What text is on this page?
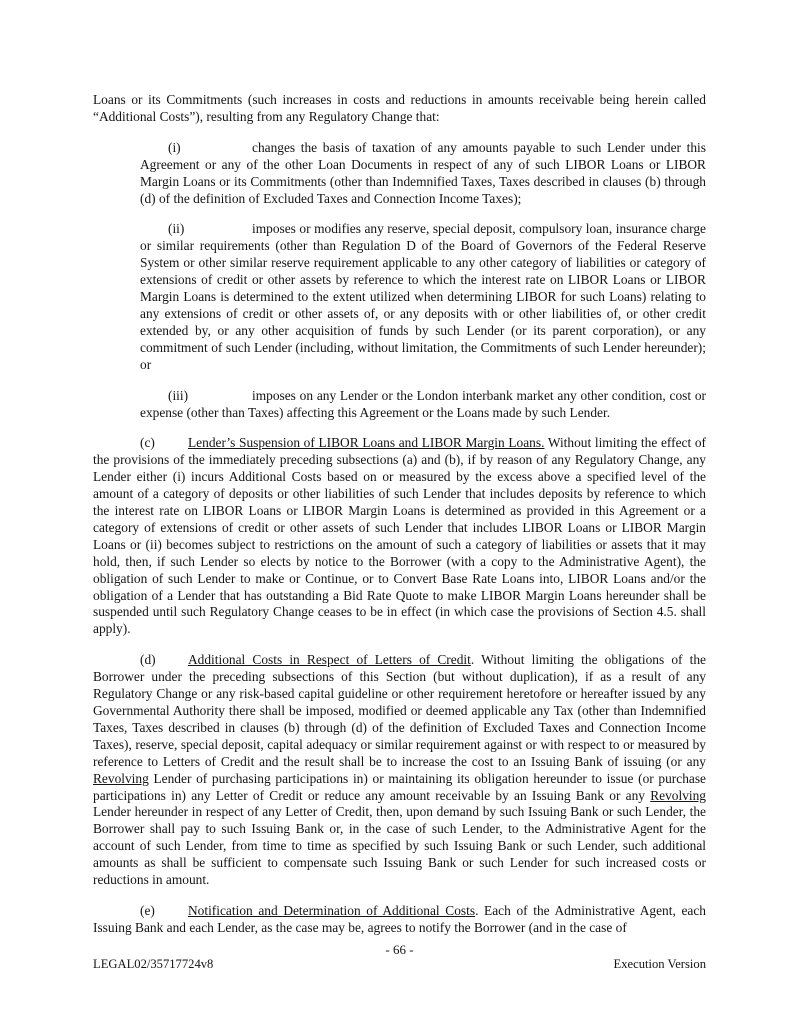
Loans or its Commitments (such increases in costs and reductions in amounts receivable being herein called “Additional Costs”), resulting from any Regulatory Change that:

(i)	changes the basis of taxation of any amounts payable to such Lender under this Agreement or any of the other Loan Documents in respect of any of such LIBOR Loans or LIBOR Margin Loans or its Commitments (other than Indemnified Taxes, Taxes described in clauses (b) through (d) of the definition of Excluded Taxes and Connection Income Taxes);

(ii)	imposes or modifies any reserve, special deposit, compulsory loan, insurance charge or similar requirements (other than Regulation D of the Board of Governors of the Federal Reserve System or other similar reserve requirement applicable to any other category of liabilities or category of extensions of credit or other assets by reference to which the interest rate on LIBOR Loans or LIBOR Margin Loans is determined to the extent utilized when determining LIBOR for such Loans) relating to any extensions of credit or other assets of, or any deposits with or other liabilities of, or other credit extended by, or any other acquisition of funds by such Lender (or its parent corporation), or any commitment of such Lender (including, without limitation, the Commitments of such Lender hereunder); or

(iii)	imposes on any Lender or the London interbank market any other condition, cost or expense (other than Taxes) affecting this Agreement or the Loans made by such Lender.

(c) Lender’s Suspension of LIBOR Loans and LIBOR Margin Loans. Without limiting the effect of the provisions of the immediately preceding subsections (a) and (b), if by reason of any Regulatory Change, any Lender either (i) incurs Additional Costs based on or measured by the excess above a specified level of the amount of a category of deposits or other liabilities of such Lender that includes deposits by reference to which the interest rate on LIBOR Loans or LIBOR Margin Loans is determined as provided in this Agreement or a category of extensions of credit or other assets of such Lender that includes LIBOR Loans or LIBOR Margin Loans or (ii) becomes subject to restrictions on the amount of such a category of liabilities or assets that it may hold, then, if such Lender so elects by notice to the Borrower (with a copy to the Administrative Agent), the obligation of such Lender to make or Continue, or to Convert Base Rate Loans into, LIBOR Loans and/or the obligation of a Lender that has outstanding a Bid Rate Quote to make LIBOR Margin Loans hereunder shall be suspended until such Regulatory Change ceases to be in effect (in which case the provisions of Section 4.5. shall apply).

(d) Additional Costs in Respect of Letters of Credit. Without limiting the obligations of the Borrower under the preceding subsections of this Section (but without duplication), if as a result of any Regulatory Change or any risk-based capital guideline or other requirement heretofore or hereafter issued by any Governmental Authority there shall be imposed, modified or deemed applicable any Tax (other than Indemnified Taxes, Taxes described in clauses (b) through (d) of the definition of Excluded Taxes and Connection Income Taxes), reserve, special deposit, capital adequacy or similar requirement against or with respect to or measured by reference to Letters of Credit and the result shall be to increase the cost to an Issuing Bank of issuing (or any Revolving Lender of purchasing participations in) or maintaining its obligation hereunder to issue (or purchase participations in) any Letter of Credit or reduce any amount receivable by an Issuing Bank or any Revolving Lender hereunder in respect of any Letter of Credit, then, upon demand by such Issuing Bank or such Lender, the Borrower shall pay to such Issuing Bank or, in the case of such Lender, to the Administrative Agent for the account of such Lender, from time to time as specified by such Issuing Bank or such Lender, such additional amounts as shall be sufficient to compensate such Issuing Bank or such Lender for such increased costs or reductions in amount.

(e) Notification and Determination of Additional Costs. Each of the Administrative Agent, each Issuing Bank and each Lender, as the case may be, agrees to notify the Borrower (and in the case of

- 66 -
LEGAL02/35717724v8	Execution Version
